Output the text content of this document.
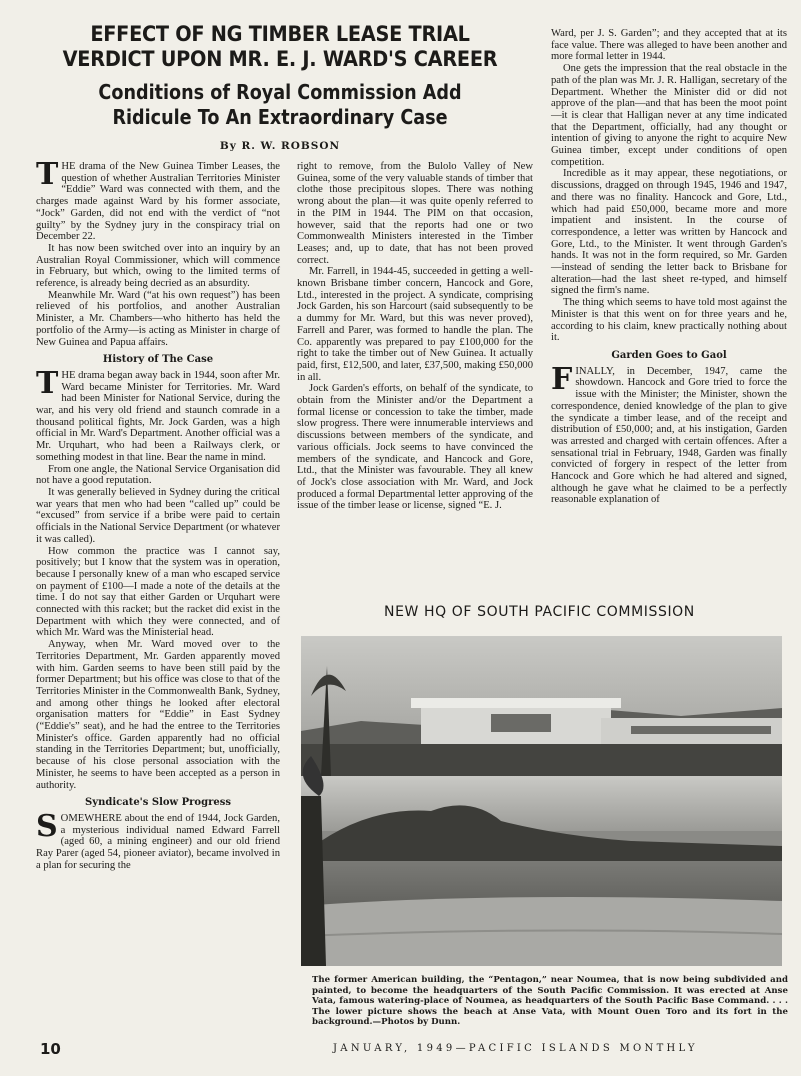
EFFECT OF NG TIMBER LEASE TRIAL VERDICT UPON MR. E. J. WARD'S CAREER
Conditions of Royal Commission Add Ridicule To An Extraordinary Case
By R. W. ROBSON

THE drama of the New Guinea Timber Leases, the question of whether Australian Territories Minister “Eddie” Ward was connected with them, and the charges made against Ward by his former associate, “Jock” Garden, did not end with the verdict of “not guilty” by the Sydney jury in the conspiracy trial on December 22.

It has now been switched over into an inquiry by an Australian Royal Commissioner, which will commence in February, but which, owing to the limited terms of reference, is already being decried as an absurdity.

Meanwhile Mr. Ward (“at his own request”) has been relieved of his portfolios, and another Australian Minister, a Mr. Chambers—who hitherto has held the portfolio of the Army—is acting as Minister in charge of New Guinea and Papua affairs.

History of The Case

THE drama began away back in 1944, soon after Mr. Ward became Minister for Territories. Mr. Ward had been Minister for National Service, during the war, and his very old friend and staunch comrade in a thousand political fights, Mr. Jock Garden, was a high official in Mr. Ward's Department. Another official was a Mr. Urquhart, who had been a Railways clerk, or something modest in that line. Bear the name in mind.

From one angle, the National Service Organisation did not have a good reputation.

It was generally believed in Sydney during the critical war years that men who had been “called up” could be “excused” from service if a bribe were paid to certain officials in the National Service Department (or whatever it was called).

How common the practice was I cannot say, positively; but I know that the system was in operation, because I personally knew of a man who escaped service on payment of £100—I made a note of the details at the time. I do not say that either Garden or Urquhart were connected with this racket; but the racket did exist in the Department with which they were connected, and of which Mr. Ward was the Ministerial head.

Anyway, when Mr. Ward moved over to the Territories Department, Mr. Garden apparently moved with him. Garden seems to have been still paid by the former Department; but his office was close to that of the Territories Minister in the Commonwealth Bank, Sydney, and among other things he looked after electoral organisation matters for “Eddie” in East Sydney (“Eddie's” seat), and he had the entree to the Territories Minister's office. Garden apparently had no official standing in the Territories Department; but, unofficially, because of his close personal association with the Minister, he seems to have been accepted as a person in authority.

Syndicate's Slow Progress

SOMEWHERE about the end of 1944, Jock Garden, a mysterious individual named Edward Farrell (aged 60, a mining engineer) and our old friend Ray Parer (aged 54, pioneer aviator), became involved in a plan for securing the

right to remove, from the Bulolo Valley of New Guinea, some of the very valuable stands of timber that clothe those precipitous slopes. There was nothing wrong about the plan—it was quite openly referred to in the PIM in 1944. The PIM on that occasion, however, said that the reports had one or two Commonwealth Ministers interested in the Timber Leases; and, up to date, that has not been proved correct.

Mr. Farrell, in 1944-45, succeeded in getting a well-known Brisbane timber concern, Hancock and Gore, Ltd., interested in the project. A syndicate, comprising Jock Garden, his son Harcourt (said subsequently to be a dummy for Mr. Ward, but this was never proved), Farrell and Parer, was formed to handle the plan. The Co. apparently was prepared to pay £100,000 for the right to take the timber out of New Guinea. It actually paid, first, £12,500, and later, £37,500, making £50,000 in all.

Jock Garden's efforts, on behalf of the syndicate, to obtain from the Minister and/or the Department a formal license or concession to take the timber, made slow progress. There were innumerable interviews and discussions between members of the syndicate, and various officials. Jock seems to have convinced the members of the syndicate, and Hancock and Gore, Ltd., that the Minister was favourable. They all knew of Jock's close association with Mr. Ward, and Jock produced a formal Departmental letter approving of the issue of the timber lease or license, signed “E. J.

Ward, per J. S. Garden”; and they accepted that at its face value. There was alleged to have been another and more formal letter in 1944.

One gets the impression that the real obstacle in the path of the plan was Mr. J. R. Halligan, secretary of the Department. Whether the Minister did or did not approve of the plan—and that has been the moot point—it is clear that Halligan never at any time indicated that the Department, officially, had any thought or intention of giving to anyone the right to acquire New Guinea timber, except under conditions of open competition.

Incredible as it may appear, these negotiations, or discussions, dragged on through 1945, 1946 and 1947, and there was no finality. Hancock and Gore, Ltd., which had paid £50,000, became more and more impatient and insistent. In the course of correspondence, a letter was written by Hancock and Gore, Ltd., to the Minister. It went through Garden's hands. It was not in the form required, so Mr. Garden—instead of sending the letter back to Brisbane for alteration—had the last sheet re-typed, and himself signed the firm's name.

The thing which seems to have told most against the Minister is that this went on for three years and he, according to his claim, knew practically nothing about it.

Garden Goes to Gaol

FINALLY, in December, 1947, came the showdown. Hancock and Gore tried to force the issue with the Minister; the Minister, shown the correspondence, denied knowledge of the plan to give the syndicate a timber lease, and of the receipt and distribution of £50,000; and, at his instigation, Garden was arrested and charged with certain offences. After a sensational trial in February, 1948, Garden was finally convicted of forgery in respect of the letter from Hancock and Gore which he had altered and signed, although he gave what he claimed to be a perfectly reasonable explanation of

NEW HQ OF SOUTH PACIFIC COMMISSION
The former American building, the “Pentagon,” near Noumea, that is now being subdivided and painted, to become the headquarters of the South Pacific Commission. It was erected at Anse Vata, famous watering-place of Noumea, as headquarters of the South Pacific Base Command. . . . The lower picture shows the beach at Anse Vata, with Mount Ouen Toro and its fort in the background.—Photos by Dunn.
10	JANUARY, 1949—PACIFIC ISLANDS MONTHLY
